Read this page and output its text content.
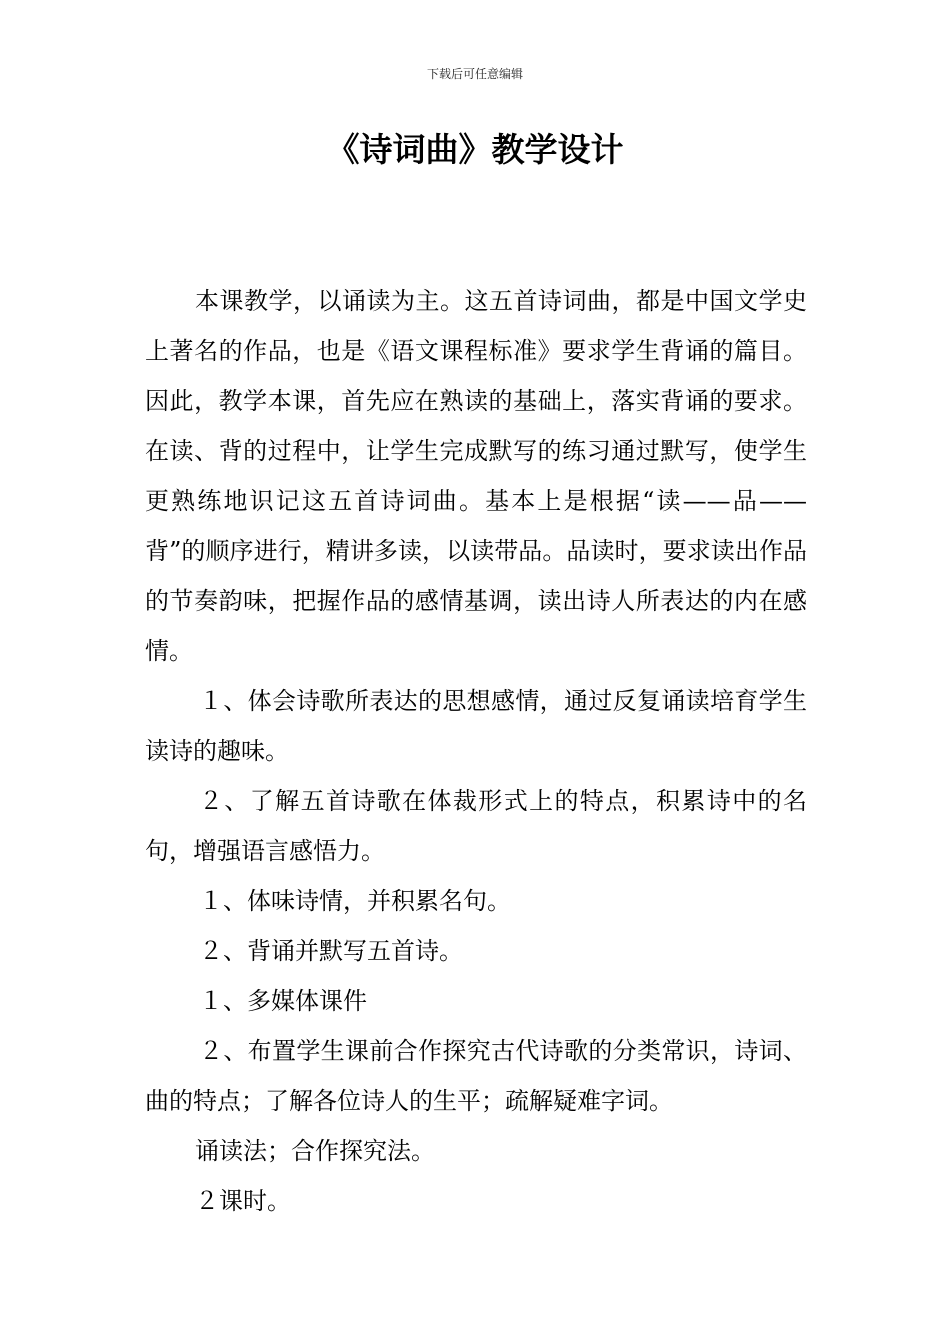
下载后可任意编辑
《诗词曲》教学设计

本课教学，以诵读为主。这五首诗词曲，都是中国文学史上著名的作品，也是《语文课程标准》要求学生背诵的篇目。因此，教学本课，首先应在熟读的基础上，落实背诵的要求。在读、背的过程中，让学生完成默写的练习通过默写，使学生更熟练地识记这五首诗词曲。基本上是根据“读——品——背”的顺序进行，精讲多读，以读带品。品读时，要求读出作品的节奏韵味，把握作品的感情基调，读出诗人所表达的内在感情。

１、体会诗歌所表达的思想感情，通过反复诵读培育学生读诗的趣味。

２、了解五首诗歌在体裁形式上的特点，积累诗中的名句，增强语言感悟力。

１、体味诗情，并积累名句。

２、背诵并默写五首诗。

１、多媒体课件

２、布置学生课前合作探究古代诗歌的分类常识，诗词、曲的特点；了解各位诗人的生平；疏解疑难字词。

诵读法；合作探究法。

２课时。
